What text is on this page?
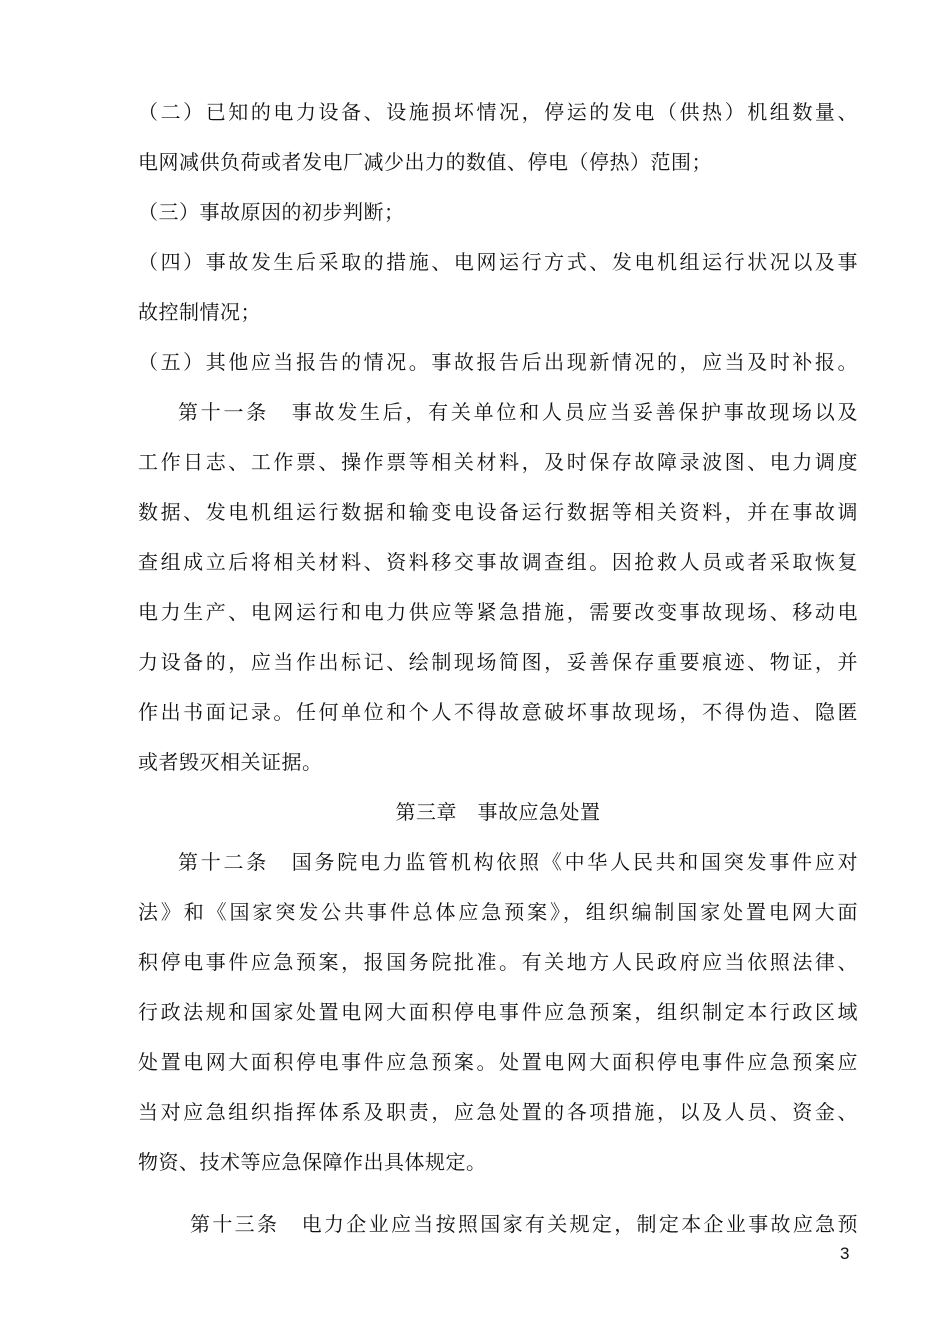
（二）已知的电力设备、设施损坏情况，停运的发电（供热）机组数量、
电网减供负荷或者发电厂减少出力的数值、停电（停热）范围；
（三）事故原因的初步判断；
（四）事故发生后采取的措施、电网运行方式、发电机组运行状况以及事
故控制情况；
（五）其他应当报告的情况。事故报告后出现新情况的，应当及时补报。
第十一条　事故发生后，有关单位和人员应当妥善保护事故现场以及
工作日志、工作票、操作票等相关材料，及时保存故障录波图、电力调度
数据、发电机组运行数据和输变电设备运行数据等相关资料，并在事故调
查组成立后将相关材料、资料移交事故调查组。因抢救人员或者采取恢复
电力生产、电网运行和电力供应等紧急措施，需要改变事故现场、移动电
力设备的，应当作出标记、绘制现场简图，妥善保存重要痕迹、物证，并
作出书面记录。任何单位和个人不得故意破坏事故现场，不得伪造、隐匿
或者毁灭相关证据。
第三章　事故应急处置
第十二条　国务院电力监管机构依照《中华人民共和国突发事件应对
法》和《国家突发公共事件总体应急预案》，组织编制国家处置电网大面
积停电事件应急预案，报国务院批准。有关地方人民政府应当依照法律、
行政法规和国家处置电网大面积停电事件应急预案，组织制定本行政区域
处置电网大面积停电事件应急预案。处置电网大面积停电事件应急预案应
当对应急组织指挥体系及职责，应急处置的各项措施，以及人员、资金、
物资、技术等应急保障作出具体规定。
第十三条　电力企业应当按照国家有关规定，制定本企业事故应急预
3
